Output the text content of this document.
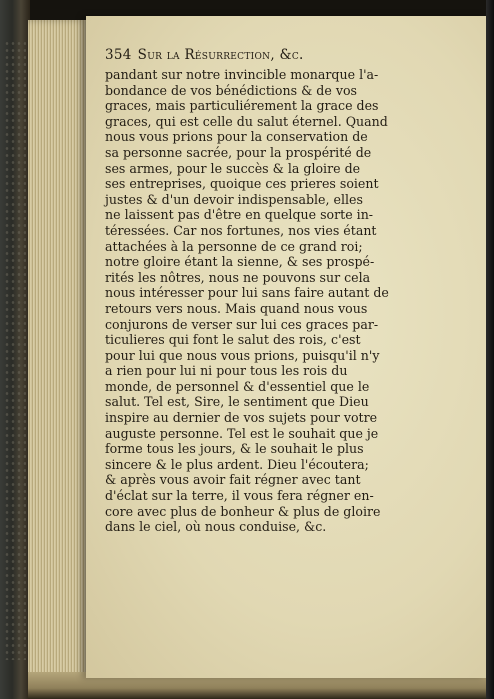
354 Sur la Résurrection, &c.
pandant sur notre invincible monarque l'a-
bondance de vos bénédictions & de vos
graces, mais particuliérement la grace des
graces, qui est celle du salut éternel. Quand
nous vous prions pour la conservation de
sa personne sacrée, pour la prospérité de
ses armes, pour le succès & la gloire de
ses entreprises, quoique ces prieres soient
justes & d'un devoir indispensable, elles
ne laissent pas d'être en quelque sorte in-
téressées. Car nos fortunes, nos vies étant
attachées à la personne de ce grand roi;
notre gloire étant la sienne, & ses prospé-
rités les nôtres, nous ne pouvons sur cela
nous intéresser pour lui sans faire autant de
retours vers nous. Mais quand nous vous
conjurons de verser sur lui ces graces par-
ticulieres qui font le salut des rois, c'est
pour lui que nous vous prions, puisqu'il n'y
a rien pour lui ni pour tous les rois du
monde, de personnel & d'essentiel que le
salut. Tel est, Sire, le sentiment que Dieu
inspire au dernier de vos sujets pour votre
auguste personne. Tel est le souhait que je
forme tous les jours, & le souhait le plus
sincere & le plus ardent. Dieu l'écoutera;
& après vous avoir fait régner avec tant
d'éclat sur la terre, il vous fera régner en-
core avec plus de bonheur & plus de gloire
dans le ciel, où nous conduise, &c.
